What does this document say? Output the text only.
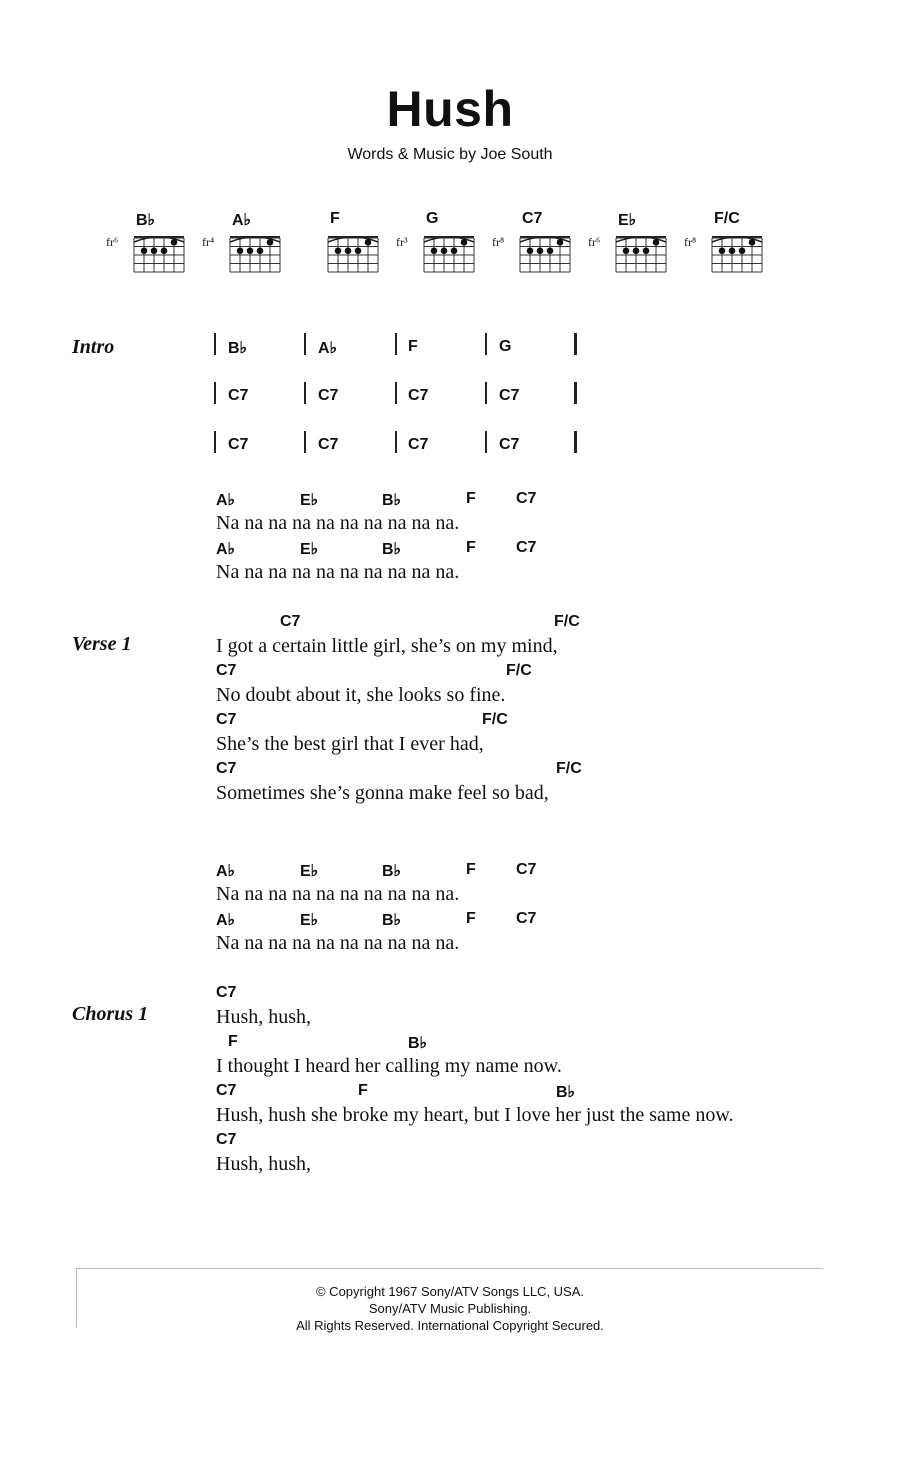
Hush
Words & Music by Joe South
B♭
fr⁶
A♭
fr⁴
F	G
fr³
C7
fr⁸
E♭
fr⁶
F/C
fr⁸
Intro	B♭	A♭	F	G
C7	C7	C7	C7
C7	C7	C7	C7
A♭	E♭	B♭	F	C7
Na na na na na na na na na na.
A♭	E♭	B♭	F	C7
Na na na na na na na na na na.
Verse 1
C7	F/C
I got a certain little girl, she’s on my mind,
C7	F/C
No doubt about it, she looks so fine.
C7	F/C
She’s the best girl that I ever had,
C7	F/C
Sometimes she’s gonna make feel so bad,
A♭	E♭	B♭	F	C7
Na na na na na na na na na na.
A♭	E♭	B♭	F	C7
Na na na na na na na na na na.
Chorus 1
C7
Hush, hush,
F	B♭
I thought I heard her calling my name now.
C7	F	B♭
Hush, hush she broke my heart, but I love her just the same now.
C7
Hush, hush,
© Copyright 1967 Sony/ATV Songs LLC, USA.
Sony/ATV Music Publishing.
All Rights Reserved. International Copyright Secured.
